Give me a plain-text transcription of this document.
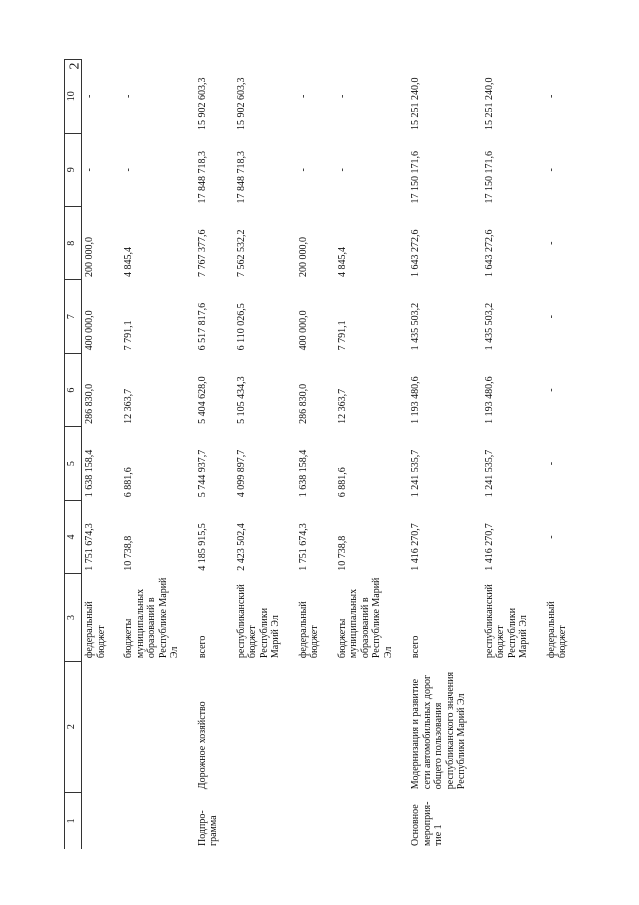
2
1	2	3	4	5	6	7	8	9	10
		федеральный бюджет	1 751 674,3	1 638 158,4	286 830,0	400 000,0	200 000,0	-	-

		бюджеты муниципальных образований в Республике Марий Эл	10 738,8	6 881,6	12 363,7	7 791,1	4 845,4	-	-

Подпро-грамма	Дорожное хозяйство	всего	4 185 915,5	5 744 937,7	5 404 628,0	6 517 817,6	7 767 377,6	17 848 718,3	15 902 603,3

		республиканский бюджет Республики Марий Эл	2 423 502,4	4 099 897,7	5 105 434,3	6 110 026,5	7 562 532,2	17 848 718,3	15 902 603,3

		федеральный бюджет	1 751 674,3	1 638 158,4	286 830,0	400 000,0	200 000,0	-	-

		бюджеты муниципальных образований в Республике Марий Эл	10 738,8	6 881,6	12 363,7	7 791,1	4 845,4	-	-

Основное мероприя-тие 1	Модернизация и развитие сети автомобильных дорог общего пользования республиканского значения Республики Марий Эл	всего	1 416 270,7	1 241 535,7	1 193 480,6	1 435 503,2	1 643 272,6	17 150 171,6	15 251 240,0

		республиканский бюджет Республики Марий Эл	1 416 270,7	1 241 535,7	1 193 480,6	1 435 503,2	1 643 272,6	17 150 171,6	15 251 240,0

		федеральный бюджет	-	-	-	-	-	-	-
